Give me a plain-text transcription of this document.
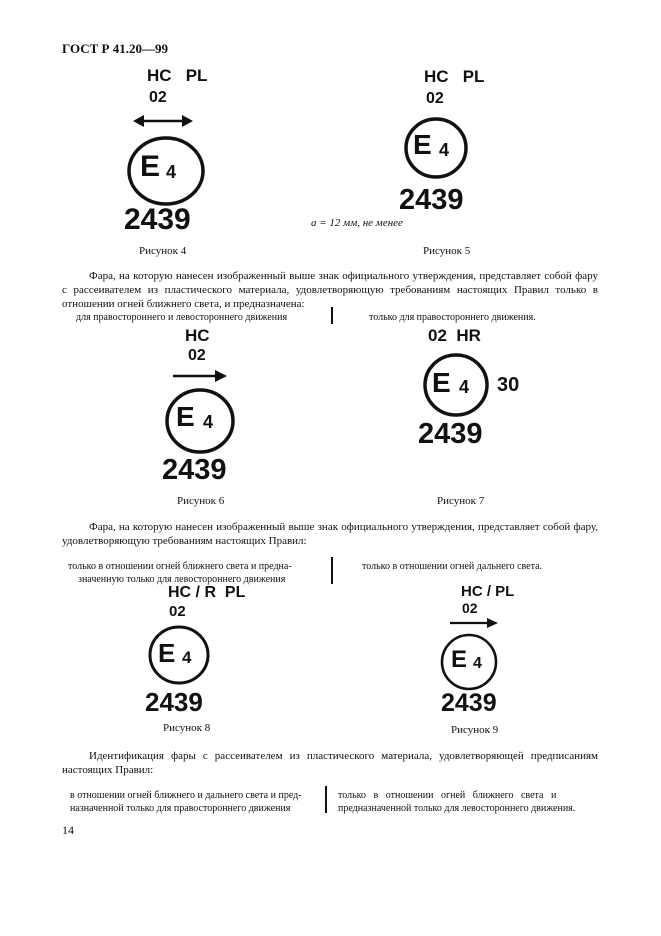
ГОСТ Р 41.20—99
HC   PL
02
E 4
2439
Рисунок 4
HC   PL
02
E 4
2439
а = 12 мм, не менее
Рисунок 5
Фара, на которую нанесен изображенный выше знак официального утверждения, представляет собой фару с рассеивателем из пластического материала, удовлетворяющую требованиям настоящих Правил только в отношении огней ближнего света, и предназначена:
для правостороннего и левостороннего движения	только для правостороннего движения.
HC
02
E 4
2439
Рисунок 6
02  HR
E 4 30
2439
Рисунок 7
Фара, на которую нанесен изображенный выше знак официального утверждения, представляет собой фару, удовлетворяющую требованиям настоящих Правил:
только в отношении огней ближнего света и предна-
значенную только для левостороннего движения
только в отношении огней дальнего света.
HC / R  PL
02
E 4
2439
Рисунок 8
HC / PL
02
E 4
2439
Рисунок 9
Идентификация фары с рассеивателем из пластического материала, удовлетворяющей предписаниям настоящих Правил:
в отношении огней ближнего и дальнего света и пред-
назначенной только для правостороннего движения
только   в   отношении   огней   ближнего   света   и
предназначенной только для левостороннего движения.
14
